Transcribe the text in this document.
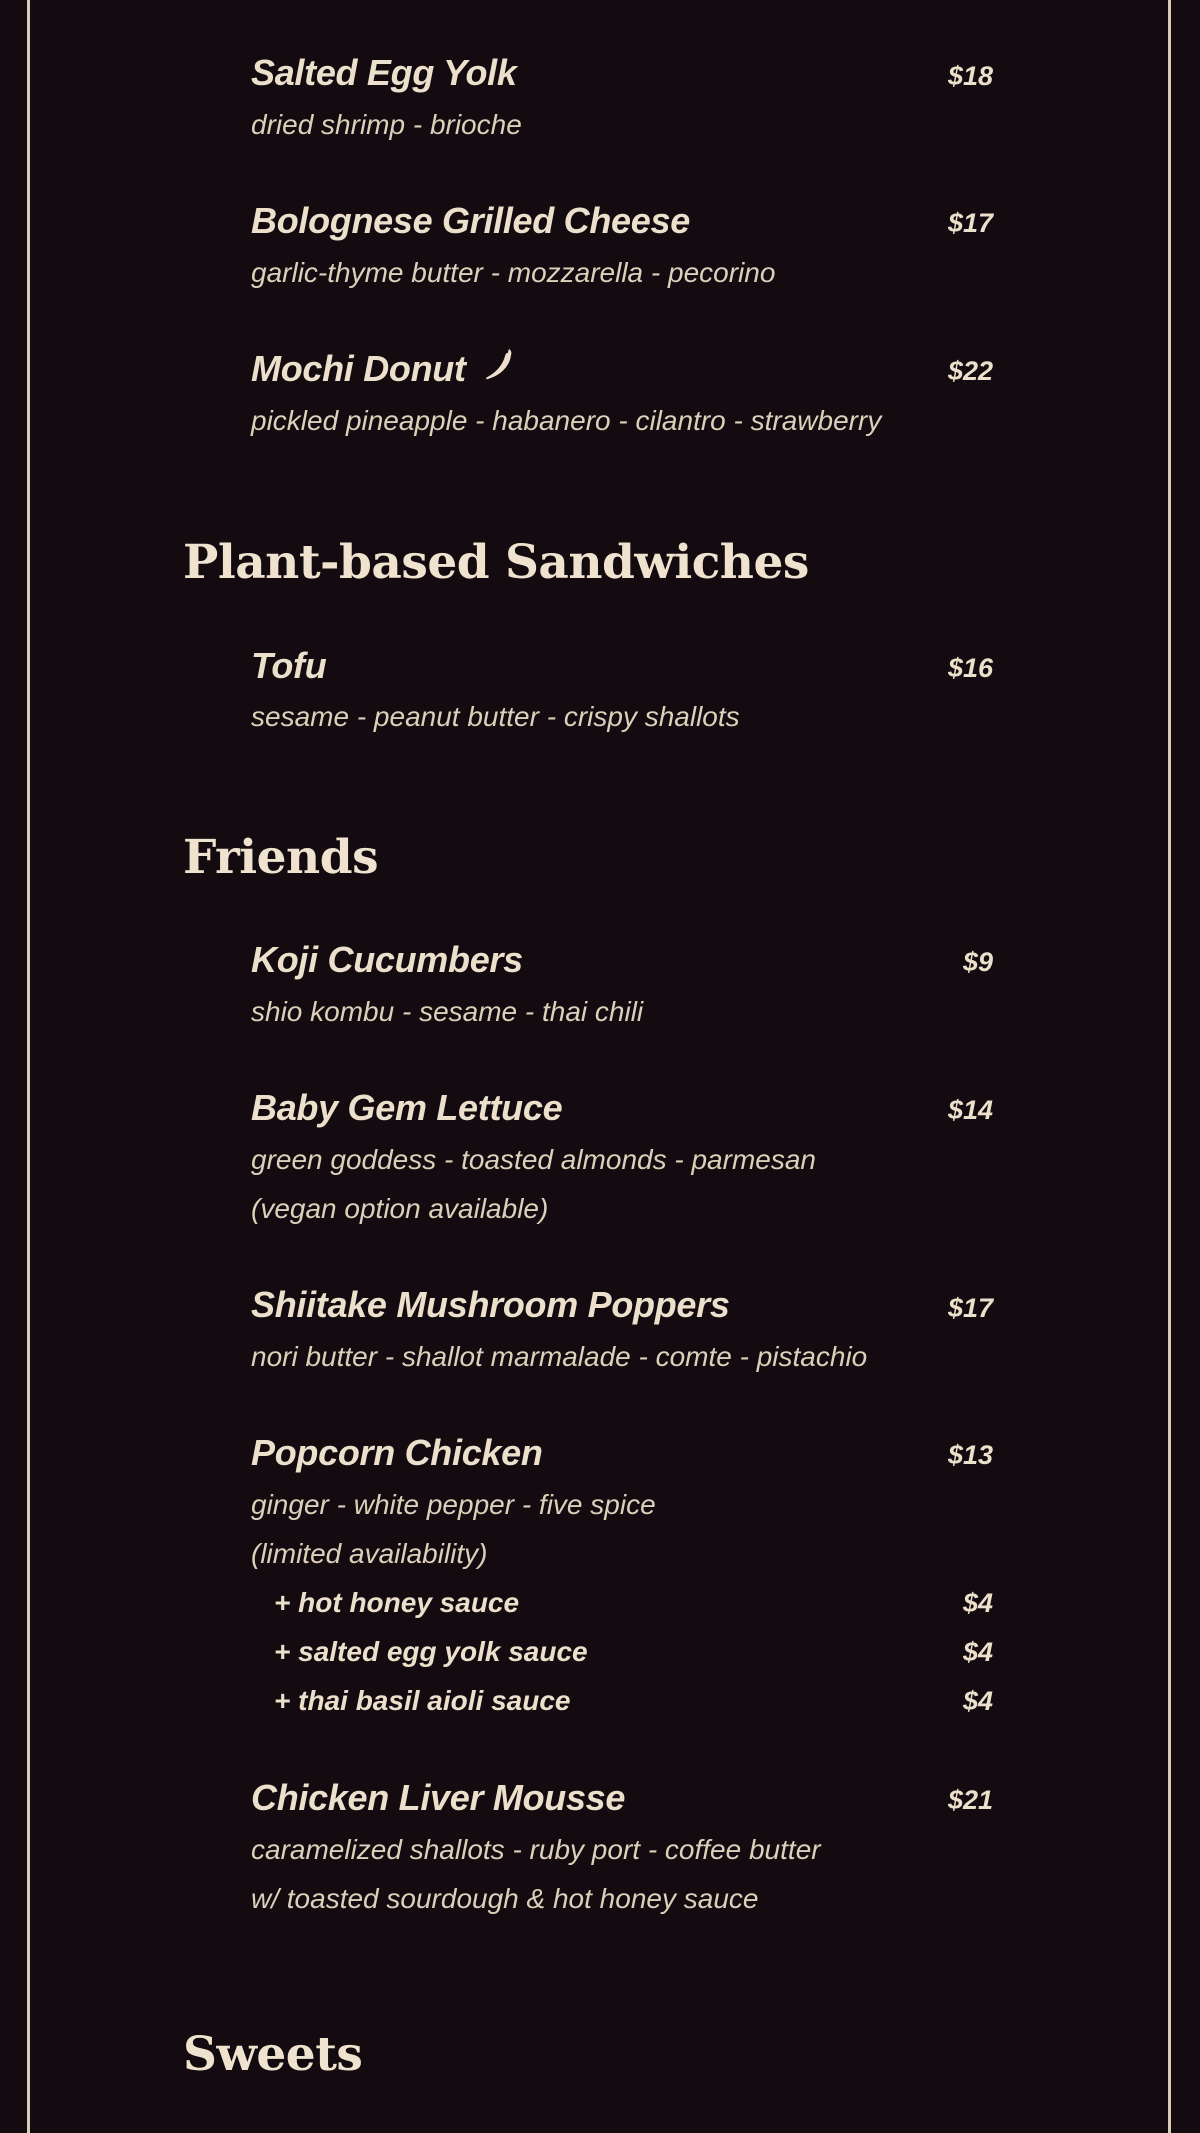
Salted Egg Yolk	$18
dried shrimp - brioche
Bolognese Grilled Cheese	$17
garlic-thyme butter - mozzarella - pecorino
Mochi Donut	$22
pickled pineapple - habanero - cilantro - strawberry
Plant-based Sandwiches
Tofu	$16
sesame - peanut butter - crispy shallots
Friends
Koji Cucumbers	$9
shio kombu - sesame - thai chili
Baby Gem Lettuce	$14
green goddess - toasted almonds - parmesan
(vegan option available)
Shiitake Mushroom Poppers	$17
nori butter - shallot marmalade - comte - pistachio
Popcorn Chicken	$13
ginger - white pepper - five spice
(limited availability)
+ hot honey sauce	$4
+ salted egg yolk sauce	$4
+ thai basil aioli sauce	$4
Chicken Liver Mousse	$21
caramelized shallots - ruby port - coffee butter
w/ toasted sourdough & hot honey sauce
Sweets
